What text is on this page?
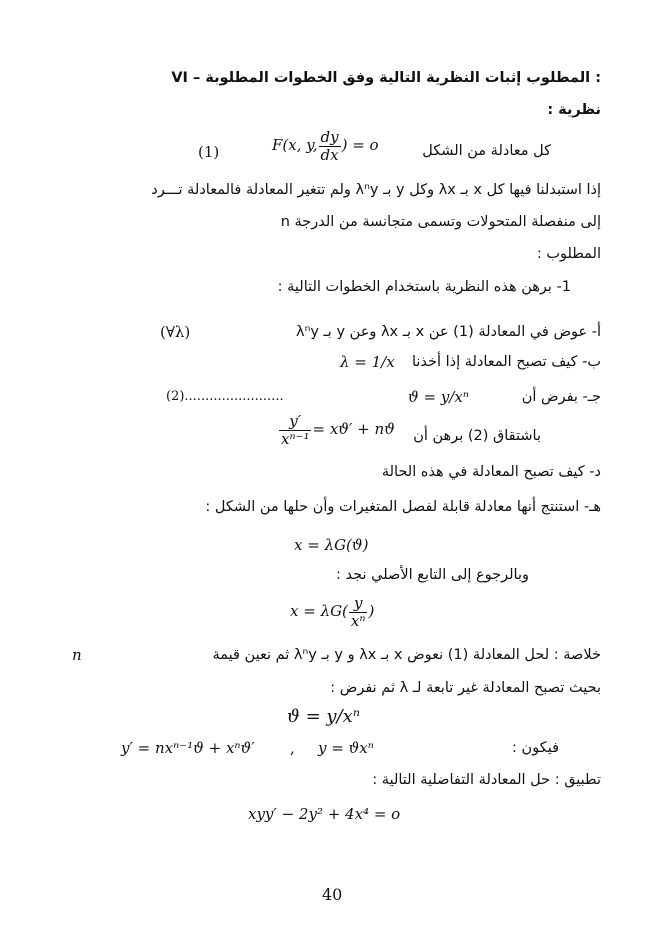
VI – المطلوب إثبات النظرية التالية وفق الخطوات المطلوبة :
نظرية :
كل معادلة من الشكل
F(x, y, $\frac{dy}{dx}$ ) = o
(1)
إذا استبدلنا فيها كل x بـ λx وكل y بـ λⁿy ولم تتغير المعادلة فالمعادلة تـــرد
إلى منفصلة المتحولات وتسمى متجانسة من الدرجة n
المطلوب :
1- برهن هذه النظرية باستخدام الخطوات التالية :
أ- عوض في المعادلة (1) عن x بـ λx وعن y بـ λⁿy
(∀λ)
ب- كيف تصبح المعادلة إذا أخذنا
λ = 1/x
جـ- بفرض أن
ϑ = y/xⁿ
(2)........................
باشتقاق (2) برهن أن
$\frac{y'}{\text{xⁿ⁻¹}} = xϑ' + nϑ$
د- كيف تصبح المعادلة في هذه الحالة
هـ- استنتج أنها معادلة قابلة لفصل المتغيرات وأن حلها من الشكل :
x = λG(ϑ)
وبالرجوع إلى التابع الأصلي نجد :
$x = \lambda G( \frac{y}{\text{xⁿ}}$ )
خلاصة : لحل المعادلة (1) نعوض x بـ λx و y بـ λⁿy ثم نعين قيمة
n
بحيث تصبح المعادلة غير تابعة لـ λ ثم نفرض :
ϑ = y/xⁿ
فيكون :
y = ϑxⁿ
,
y′ = nxⁿ⁻¹ϑ + xⁿϑ′
تطبيق : حل المعادلة التفاضلية التالية :
xyy′ − 2y² + 4x⁴ = o
40
